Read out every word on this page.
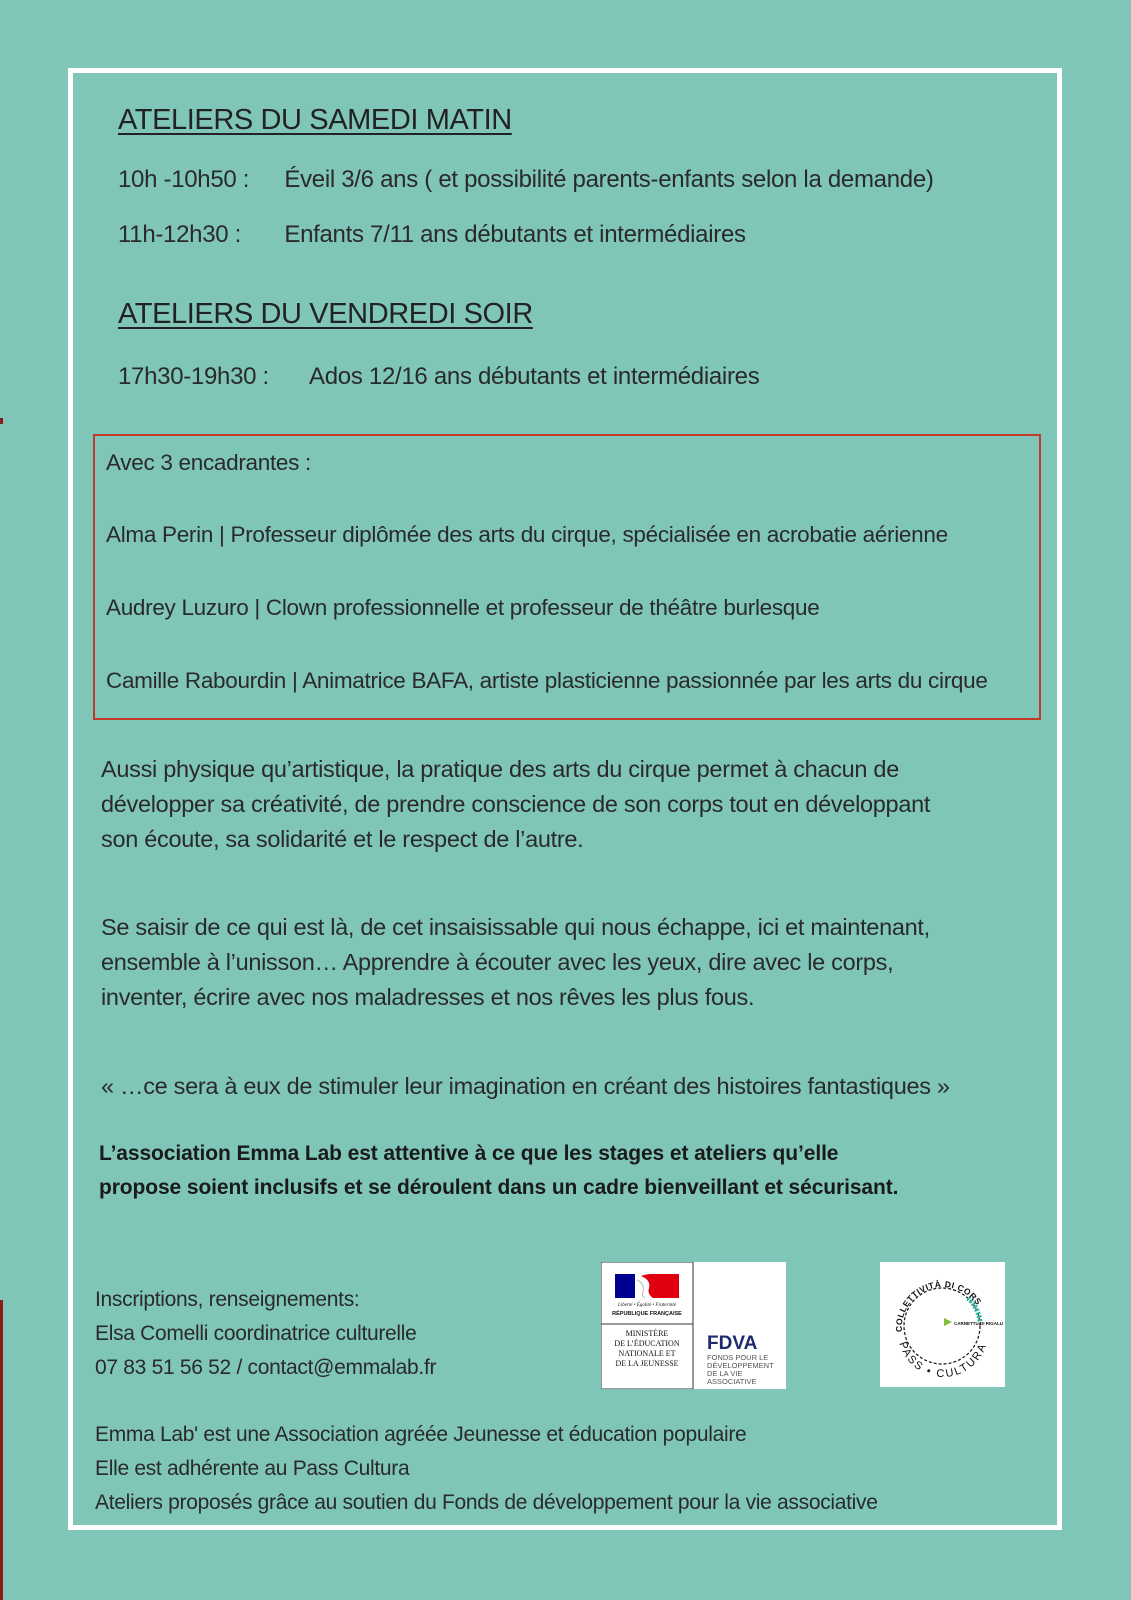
ATELIERS DU SAMEDI MATIN
10h -10h50 : Éveil 3/6 ans ( et possibilité parents-enfants selon la demande)
11h-12h30 : Enfants 7/11 ans débutants et intermédiaires
ATELIERS DU VENDREDI SOIR
17h30-19h30 : Ados 12/16 ans débutants et intermédiaires
Avec 3 encadrantes :
Alma Perin | Professeur diplômée des arts du cirque, spécialisée en acrobatie aérienne
Audrey Luzuro | Clown professionnelle et professeur de théâtre burlesque
Camille Rabourdin | Animatrice BAFA, artiste plasticienne passionnée par les arts du cirque
Aussi physique qu’artistique, la pratique des arts du cirque permet à chacun de
développer sa créativité, de prendre conscience de son corps tout en développant
son écoute, sa solidarité et le respect de l’autre.
Se saisir de ce qui est là, de cet insaisissable qui nous échappe, ici et maintenant,
ensemble à l’unisson… Apprendre à écouter avec les yeux, dire avec le corps,
inventer, écrire avec nos maladresses et nos rêves les plus fous.
« …ce sera à eux de stimuler leur imagination en créant des histoires fantastiques »
L’association Emma Lab est attentive à ce que les stages et ateliers qu’elle
propose soient inclusifs et se déroulent dans un cadre bienveillant et sécurisant.
Inscriptions, renseignements:
Elsa Comelli coordinatrice culturelle
07 83 51 56 52 / contact@emmalab.fr
Liberté • Égalité • Fraternité
RÉPUBLIQUE FRANÇAISE
MINISTÈRE
DE L’ÉDUCATION
NATIONALE ET
DE LA JEUNESSE
FDVA
FONDS POUR LE
DÉVELOPPEMENT
DE LA VIE
ASSOCIATIVE
COLLETTIVITÀ DI CORS
CARNETTU DI RIGALU
PASS • CULTURA
Emma Lab' est une Association agréée Jeunesse et éducation populaire
Elle est adhérente au Pass Cultura
Ateliers proposés grâce au soutien du Fonds de développement pour la vie associative
